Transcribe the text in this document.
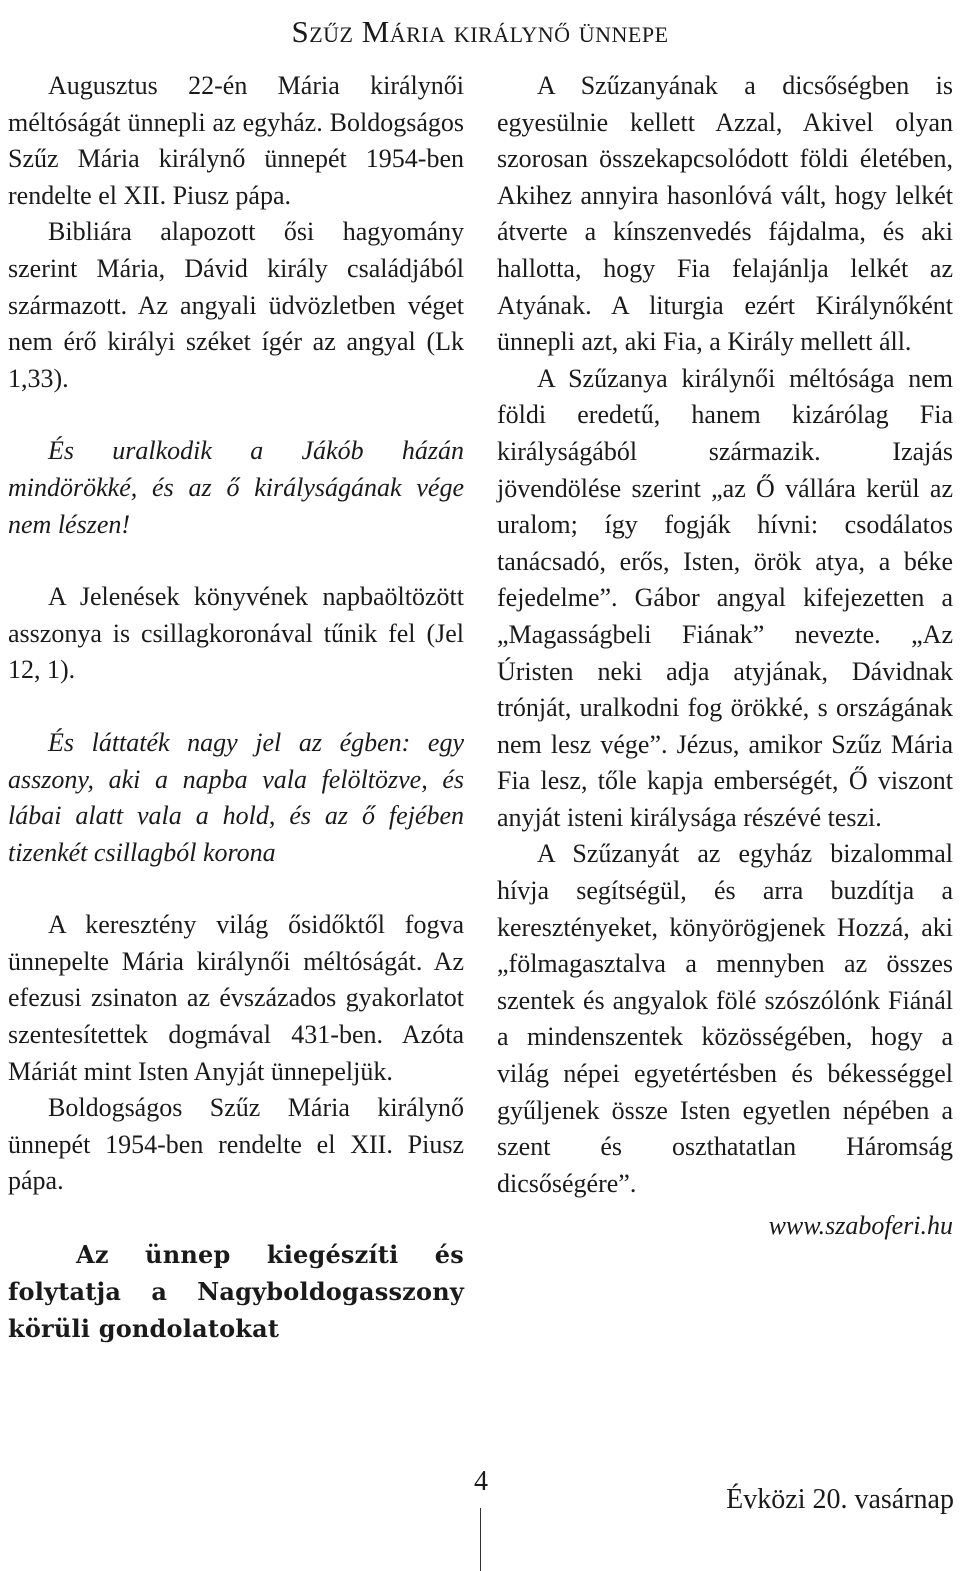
Szűz Mária királynő ünnepe

Augusztus 22-én Mária királynői méltóságát ünnepli az egyház. Boldogságos Szűz Mária királynő ünnepét 1954-ben rendelte el XII. Piusz pápa.

Bibliára alapozott ősi hagyomány szerint Mária, Dávid király családjából származott. Az angyali üdvözletben véget nem érő királyi széket ígér az angyal (Lk 1,33).

És uralkodik a Jákób házán mindörökké, és az ő királyságának vége nem lészen!

A Jelenések könyvének napbaöltözött asszonya is csillagkoronával tűnik fel (Jel 12, 1).

És láttaték nagy jel az égben: egy asszony, aki a napba vala felöltözve, és lábai alatt vala a hold, és az ő fejében tizenkét csillagból korona

A keresztény világ ősidőktől fogva ünnepelte Mária királynői méltóságát. Az efezusi zsinaton az évszázados gyakorlatot szentesítettek dogmával 431-ben. Azóta Máriát mint Isten Anyját ünnepeljük.

Boldogságos Szűz Mária királynő ünnepét 1954-ben rendelte el XII. Piusz pápa.

Az ünnep kiegészíti és folytatja a Nagyboldogasszony körüli gondolatokat

A Szűzanyának a dicsőségben is egyesülnie kellett Azzal, Akivel olyan szorosan összekapcsolódott földi életében, Akihez annyira hasonlóvá vált, hogy lelkét átverte a kínszenvedés fájdalma, és aki hallotta, hogy Fia felajánlja lelkét az Atyának. A liturgia ezért Királynőként ünnepli azt, aki Fia, a Király mellett áll.

A Szűzanya királynői méltósága nem földi eredetű, hanem kizárólag Fia királyságából származik. Izajás jövendölése szerint „az Ő vállára kerül az uralom; így fogják hívni: csodálatos tanácsadó, erős, Isten, örök atya, a béke fejedelme”. Gábor angyal kifejezetten a „Magasságbeli Fiának” nevezte. „Az Úristen neki adja atyjának, Dávidnak trónját, uralkodni fog örökké, s országának nem lesz vége”. Jézus, amikor Szűz Mária Fia lesz, tőle kapja emberségét, Ő viszont anyját isteni királysága részévé teszi.

A Szűzanyát az egyház bizalommal hívja segítségül, és arra buzdítja a keresztényeket, könyörögjenek Hozzá, aki „fölmagasztalva a mennyben az összes szentek és angyalok fölé szószólónk Fiánál a mindenszentek közösségében, hogy a világ népei egyetértésben és békességgel gyűljenek össze Isten egyetlen népében a szent és oszthatatlan Háromság dicsőségére”.

www.szaboferi.hu
4
Évközi 20. vasárnap
